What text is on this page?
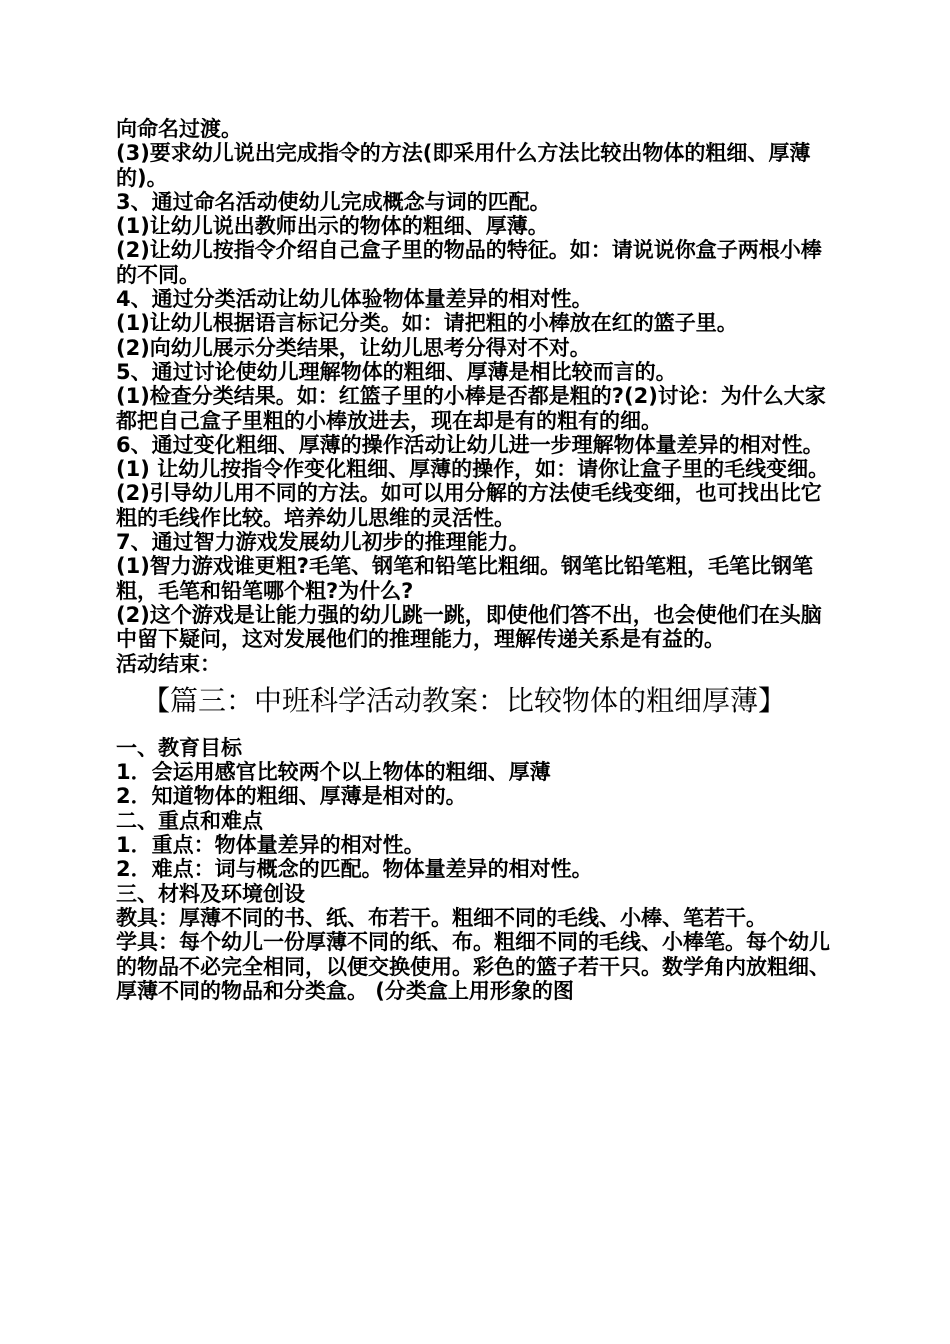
向命名过渡。

(3)要求幼儿说出完成指令的方法(即采用什么方法比较出物体的粗细、厚薄的)。

3、通过命名活动使幼儿完成概念与词的匹配。

(1)让幼儿说出教师出示的物体的粗细、厚薄。

(2)让幼儿按指令介绍自己盒子里的物品的特征。如：请说说你盒子两根小棒的不同。

4、通过分类活动让幼儿体验物体量差异的相对性。

(1)让幼儿根据语言标记分类。如：请把粗的小棒放在红的篮子里。

(2)向幼儿展示分类结果，让幼儿思考分得对不对。

5、通过讨论使幼儿理解物体的粗细、厚薄是相比较而言的。

(1)检查分类结果。如：红篮子里的小棒是否都是粗的?(2)讨论：为什么大家都把自己盒子里粗的小棒放进去，现在却是有的粗有的细。

6、通过变化粗细、厚薄的操作活动让幼儿进一步理解物体量差异的相对性。

(1) 让幼儿按指令作变化粗细、厚薄的操作，如：请你让盒子里的毛线变细。

(2)引导幼儿用不同的方法。如可以用分解的方法使毛线变细，也可找出比它粗的毛线作比较。培养幼儿思维的灵活性。

7、通过智力游戏发展幼儿初步的推理能力。

(1)智力游戏谁更粗?毛笔、钢笔和铅笔比粗细。钢笔比铅笔粗，毛笔比钢笔粗，毛笔和铅笔哪个粗?为什么?

(2)这个游戏是让能力强的幼儿跳一跳，即使他们答不出，也会使他们在头脑中留下疑问，这对发展他们的推理能力，理解传递关系是有益的。

活动结束：

【篇三：中班科学活动教案：比较物体的粗细厚薄】

一、教育目标

1．会运用感官比较两个以上物体的粗细、厚薄

2．知道物体的粗细、厚薄是相对的。

二、重点和难点

1．重点：物体量差异的相对性。

2．难点：词与概念的匹配。物体量差异的相对性。

三、材料及环境创设

教具：厚薄不同的书、纸、布若干。粗细不同的毛线、小棒、笔若干。

学具：每个幼儿一份厚薄不同的纸、布。粗细不同的毛线、小棒笔。每个幼儿的物品不必完全相同，以便交换使用。彩色的篮子若干只。数学角内放粗细、厚薄不同的物品和分类盒。 (分类盒上用形象的图
